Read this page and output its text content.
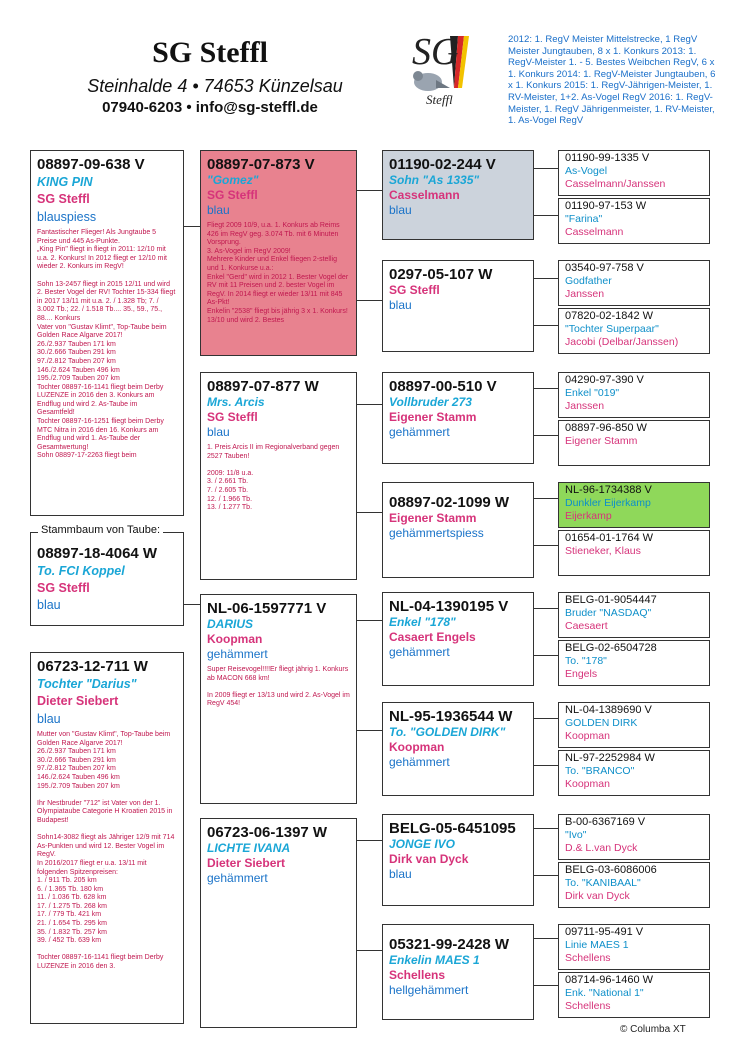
SG Steffl
Steinhalde 4 • 74653 Künzelsau
07940-6203 • info@sg-steffl.de
SG
Steffl
2012: 1. RegV Meister Mittelstrecke, 1 RegV Meister Jungtauben, 8 x 1. Konkurs 2013: 1. RegV-Meister 1. - 5. Bestes Weibchen RegV, 6 x 1. Konkurs 2014: 1. RegV-Meister Jungtauben, 6 x 1. Konkurs 2015: 1. RegV-Jährigen-Meister, 1. RV-Meister, 1+2. As-Vogel RegV 2016: 1. RegV-Meister, 1. RegV Jährigenmeister, 1. RV-Meister, 1. As-Vogel RegV
08897-09-638 V
KING PIN
SG Steffl
blauspiess
Fantastischer Flieger! Als Jungtaube 5 Preise und 445 As-Punkte.
„King Pin" fliegt in fliegt in 2011: 12/10 mit u.a. 2. Konkurs! In 2012 fliegt er 12/10 mit wieder 2. Konkurs im RegV!

Sohn 13-2457 fliegt in 2015 12/11 und wird 2. Bester Vogel der RV! Tochter 15-334 fliegt in 2017 13/11 mit u.a. 2. / 1.328 Tb; 7. / 3.002 Tb.; 22. / 1.518 Tb.... 35., 59., 75., 88.... Konkurs
Vater von "Gustav Klimt", Top-Taube beim Golden Race Algarve 2017!
26./2.937 Tauben 171 km
30./2.666 Tauben 291 km
97./2.812 Tauben 207 km
146./2.624 Tauben 496 km
195./2.709 Tauben 207 km
Tochter 08897-16-1141 fliegt beim Derby LUZENZE in 2016 den 3. Konkurs am Endflug und wird 2. As-Taube im Gesamtfeld!
Tochter 08897-16-1251 fliegt beim Derby MTC Nitra in 2016 den 16. Konkurs am Endflug und wird 1. As-Taube der Gesamtwertung!
Sohn 08897-17-2263 fliegt beim
08897-18-4064 W
To. FCI Koppel
SG Steffl
blau
Stammbaum von Taube:
06723-12-711 W
Tochter "Darius"
Dieter Siebert
blau
Mutter von "Gustav Klimt", Top-Taube beim Golden Race Algarve 2017!
26./2.937 Tauben 171 km
30./2.666 Tauben 291 km
97./2.812 Tauben 207 km
146./2.624 Tauben 496 km
195./2.709 Tauben 207 km

Ihr Nestbruder "712" ist Vater von der 1. Olympiataube Categorie H Kroatien 2015 in Budapest!

Sohn14-3082 fliegt als Jähriger 12/9 mit 714 As-Punkten und wird 12. Bester Vogel im RegV.
In 2016/2017 fliegt er u.a. 13/11 mit folgenden Spitzenpreisen:
1. / 911 Tb. 205 km
6. / 1.365 Tb. 180 km
11. / 1.036 Tb. 628 km
17. / 1.275 Tb. 268 km
17. / 779 Tb. 421 km
21. / 1.654 Tb. 295 km
35. / 1.832 Tb. 257 km
39. / 452 Tb. 639 km

Tochter 08897-16-1141 fliegt beim Derby LUZENZE in 2016 den 3.
08897-07-873 V
"Gomez"
SG Steffl
blau
Fliegt 2009 10/9, u.a. 1. Konkurs ab Reims 426 im RegV geg. 3.074 Tb. mit 6 Minuten Vorsprung.
3. As-Vogel im RegV 2009!
Mehrere Kinder und Enkel fliegen 2-stellig und 1. Konkurse u.a.:
Enkel "Gerd" wird in 2012 1. Bester Vogel der RV mit 11 Preisen und 2. bester Vogel im RegV. In 2014 fliegt er wieder 13/11 mit 845 As-Pkt!
Enkelin "2538" fliegt bis jährig 3 x 1. Konkurs! 13/10 und wird 2. Bestes
08897-07-877 W
Mrs. Arcis
SG Steffl
blau
1. Preis Arcis II im Regionalverband gegen 2527 Tauben!

2009: 11/8 u.a.
3. / 2.661 Tb.
7. / 2.605 Tb.
12. / 1.966 Tb.
13. / 1.277 Tb.
NL-06-1597771 V
DARIUS
Koopman
gehämmert
Super Reisevogel!!!!Er fliegt jährig 1. Konkurs ab MACON 668 km!

In 2009 fliegt er 13/13 und wird 2. As-Vogel im RegV 454!
06723-06-1397 W
LICHTE IVANA
Dieter Siebert
gehämmert
01190-02-244 V
Sohn "As 1335"
Casselmann
blau
0297-05-107 W
SG Steffl
blau
08897-00-510 V
Vollbruder 273
Eigener Stamm
gehämmert
08897-02-1099 W
Eigener Stamm
gehämmertspiess
NL-04-1390195 V
Enkel "178"
Casaert Engels
gehämmert
NL-95-1936544 W
To. "GOLDEN DIRK"
Koopman
gehämmert
BELG-05-6451095
JONGE IVO
Dirk van Dyck
blau
05321-99-2428 W
Enkelin MAES 1
Schellens
hellgehämmert
01190-99-1335 V
As-Vogel
Casselmann/Janssen
01190-97-153 W
"Farina"
Casselmann
03540-97-758 V
Godfather
Janssen
07820-02-1842 W
"Tochter Superpaar"
Jacobi (Delbar/Janssen)
04290-97-390 V
Enkel "019"
Janssen
08897-96-850 W
Eigener Stamm
NL-96-1734388 V
Dunkler Eijerkamp
Eijerkamp
01654-01-1764 W
Stieneker, Klaus
BELG-01-9054447
Bruder "NASDAQ"
Caesaert
BELG-02-6504728
To. "178"
Engels
NL-04-1389690 V
GOLDEN DIRK
Koopman
NL-97-2252984 W
To. "BRANCO"
Koopman
B-00-6367169 V
"Ivo"
D.& L.van Dyck
BELG-03-6086006
To. "KANIBAAL"
Dirk van Dyck
09711-95-491 V
Linie MAES 1
Schellens
08714-96-1460 W
Enk. "National 1"
Schellens
© Columba XT
